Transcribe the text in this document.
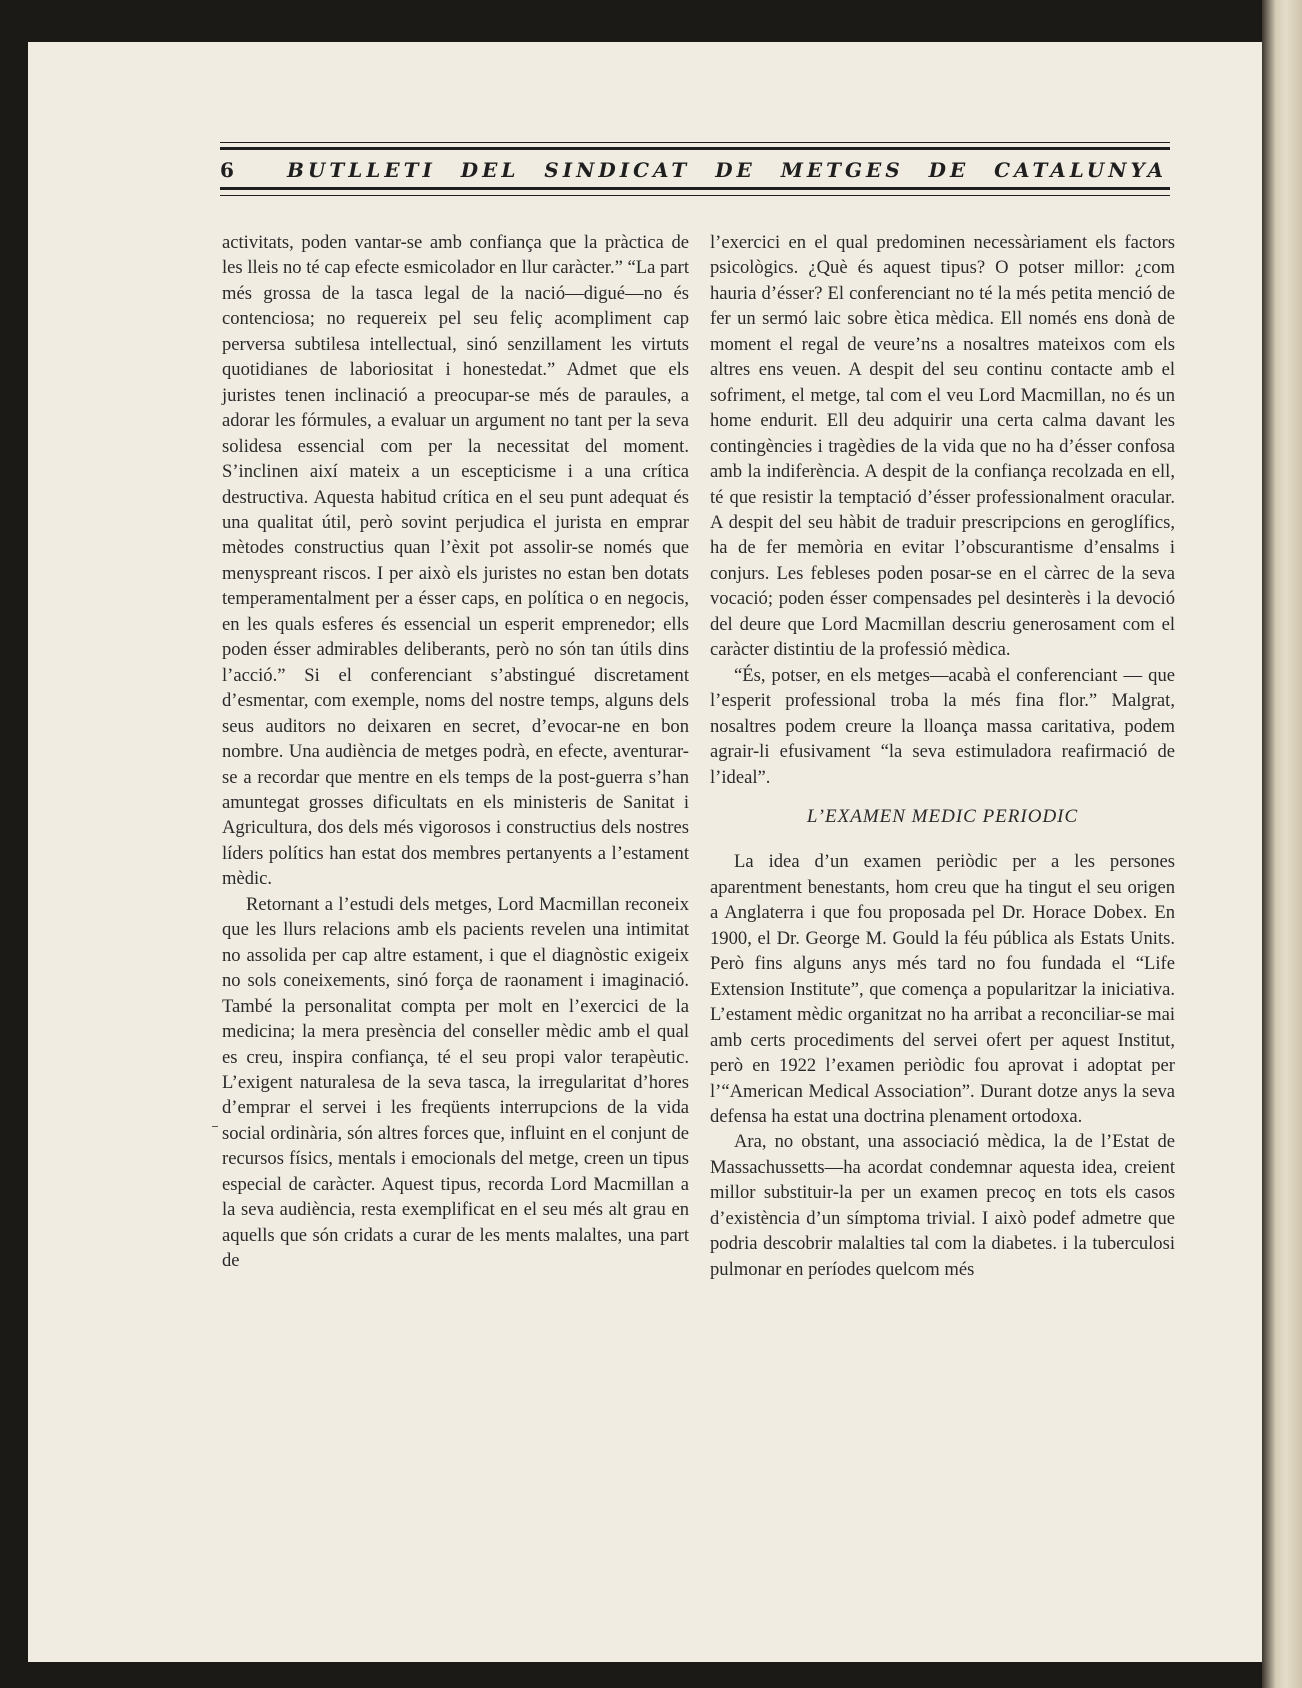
6	BUTLLETI DEL SINDICAT DE METGES DE CATALUNYA

activitats, poden vantar-se amb confiança que la pràctica de les lleis no té cap efecte esmicolador en llur caràcter.” “La part més grossa de la tasca legal de la nació—digué—no és contenciosa; no requereix pel seu feliç acompliment cap perversa subtilesa intellectual, sinó senzillament les virtuts quotidianes de laboriositat i honestedat.” Admet que els juristes tenen inclinació a preocupar-se més de paraules, a adorar les fórmules, a evaluar un argument no tant per la seva solidesa essencial com per la necessitat del moment. S’inclinen així mateix a un escepticisme i a una crítica destructiva. Aquesta habitud crítica en el seu punt adequat és una qualitat útil, però sovint perjudica el jurista en emprar mètodes constructius quan l’èxit pot assolir-se només que menyspreant riscos. I per això els juristes no estan ben dotats temperamentalment per a ésser caps, en política o en negocis, en les quals esferes és essencial un esperit emprenedor; ells poden ésser admirables deliberants, però no són tan útils dins l’acció.” Si el conferenciant s’abstingué discretament d’esmentar, com exemple, noms del nostre temps, alguns dels seus auditors no deixaren en secret, d’evocar-ne en bon nombre. Una audiència de metges podrà, en efecte, aventurar-se a recordar que mentre en els temps de la post-guerra s’han amuntegat grosses dificultats en els ministeris de Sanitat i Agricultura, dos dels més vigorosos i constructius dels nostres líders polítics han estat dos membres pertanyents a l’estament mèdic.

Retornant a l’estudi dels metges, Lord Macmillan reconeix que les llurs relacions amb els pacients revelen una intimitat no assolida per cap altre estament, i que el diagnòstic exigeix no sols coneixements, sinó força de raonament i imaginació. També la personalitat compta per molt en l’exercici de la medicina; la mera presència del conseller mèdic amb el qual es creu, inspira confiança, té el seu propi valor terapèutic. L’exigent naturalesa de la seva tasca, la irregularitat d’hores d’emprar el servei i les freqüents interrupcions de la vida social ordinària, són altres forces que, influint en el conjunt de recursos físics, mentals i emocionals del metge, creen un tipus especial de caràcter. Aquest tipus, recorda Lord Macmillan a la seva audiència, resta exemplificat en el seu més alt grau en aquells que són cridats a curar de les ments malaltes, una part de

l’exercici en el qual predominen necessàriament els factors psicològics. ¿Què és aquest tipus? O potser millor: ¿com hauria d’ésser? El conferenciant no té la més petita menció de fer un sermó laic sobre ètica mèdica. Ell només ens donà de moment el regal de veure’ns a nosaltres mateixos com els altres ens veuen. A despit del seu continu contacte amb el sofriment, el metge, tal com el veu Lord Macmillan, no és un home endurit. Ell deu adquirir una certa calma davant les contingències i tragèdies de la vida que no ha d’ésser confosa amb la indiferència. A despit de la confiança recolzada en ell, té que resistir la temptació d’ésser professionalment oracular. A despit del seu hàbit de traduir prescripcions en geroglífics, ha de fer memòria en evitar l’obscurantisme d’ensalms i conjurs. Les febleses poden posar-se en el càrrec de la seva vocació; poden ésser compensades pel desinterès i la devoció del deure que Lord Macmillan descriu generosament com el caràcter distintiu de la professió mèdica.

“És, potser, en els metges—acabà el conferenciant — que l’esperit professional troba la més fina flor.” Malgrat, nosaltres podem creure la lloança massa caritativa, podem agrair-li efusivament “la seva estimuladora reafirmació de l’ideal”.

L’EXAMEN MEDIC PERIODIC

La idea d’un examen periòdic per a les persones aparentment benestants, hom creu que ha tingut el seu origen a Anglaterra i que fou proposada pel Dr. Horace Dobex. En 1900, el Dr. George M. Gould la féu pública als Estats Units. Però fins alguns anys més tard no fou fundada el “Life Extension Institute”, que comença a popularitzar la iniciativa. L’estament mèdic organitzat no ha arribat a reconciliar-se mai amb certs procediments del servei ofert per aquest Institut, però en 1922 l’examen periòdic fou aprovat i adoptat per l’“American Medical Association”. Durant dotze anys la seva defensa ha estat una doctrina plenament ortodoxa.

Ara, no obstant, una associació mèdica, la de l’Estat de Massachussetts—ha acordat condemnar aquesta idea, creient millor substituir-la per un examen precoç en tots els casos d’existència d’un símptoma trivial. I això podef admetre que podria descobrir malalties tal com la diabetes. i la tuberculosi pulmonar en períodes quelcom més
